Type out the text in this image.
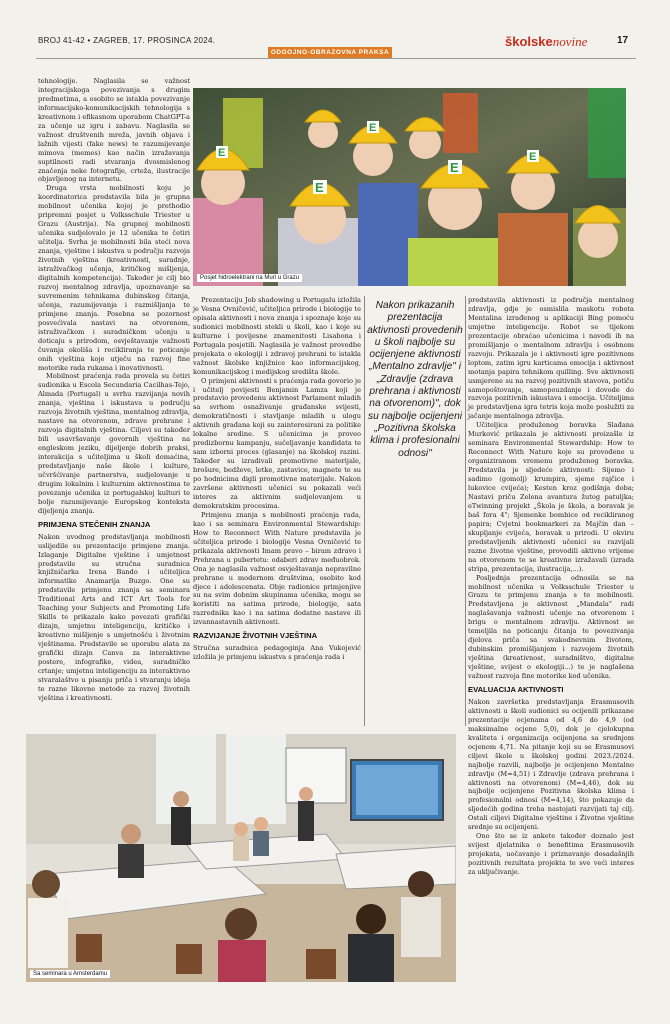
BROJ 41-42 • ZAGREB, 17. PROSINCA 2024.
ODGOJNO-OBRAZOVNA PRAKSA
školskenovine	17

tehnologije. Naglasila se važnost integracijskoga povezivanja s drugim predmetima, a osobito se istakla povezivanje informacijsko-komunikacijskih tehnologija s kreativnom i efikasnom uporabom ChatGPT-a za učenje uz igru i zabavu. Naglasila se važnost društvenih mreža, javnih objava i lažnih vijesti (fake news) te razumijevanje mimova (memes) kao način izražavanja suptilnosti radi stvaranja dvosmislenog značenja neke fotografije, crteža, ilustracije objavljenog na internetu.

Druga vrsta mobilnosti koju je koordinatorica predstavila bila je grupna mobilnost učenika kojoj je prethodio pripremni posjet u Volksschule Triester u Grazu (Austrija). Na grupnoj mobilnosti učenika sudjelovalo je 12 učenika te četiri učitelja. Svrha je mobilnosti bila steći nova znanja, vještine i iskustva u području razvoja životnih vještina (kreativnosti, suradnje, istraživačkog učenja, kritičkog mišljenja, digitalnih kompetencija). Također je cilj bio razvoj mentalnog zdravlja, upoznavanje sa suvremenim tehnikama dubinskog čitanja, učenja, razumijevanja i razmišljanja te primjene znanja. Posebna se pozornost posvećivala nastavi na otvorenom, istraživačkom i suradničkom učenju u doticaju s prirodom, osvještavanje važnosti čuvanja okoliša i recikliranja te poticanje onih vještina koje utječu na razvoj fine motorike rada rukama i inovativnosti.

Mobilnost praćenja rada provela su četiri sudionika u Escola Secundaria Cacilhas-Tejo, Almada (Portugal) u svrhu razvijanja novih znanja, vještina i iskustava u području razvoja životnih vještina, mentalnog zdravlja, nastave na otvorenom, zdrave prehrane i razvoja digitalnih vještina. Ciljevi su također bili usavršavanje govornih vještina na engleskom jeziku, dijeljenje dobrih praksi, interakcija s učiteljima u školi domaćina, predstavljanje naše škole i kulture, učvršćivanje partnerstva, sudjelovanje u drugim lokalnim i kulturnim aktivnostima te povezanje učenika iz portugalskoj kulturi te bolje razumijevanje Europskog konteksta dijeljenja znanja.

PRIMJENA STEČENIH ZNANJA

Nakon uvodnog predstavljanja mobilnosti uslijedile su prezentacije primjene znanja. Izlaganje Digitalne vještine i umjetnost predstavile su stručna suradnica knjižničarka Irena Bando i učiteljica informatike Anamarija Buzgo. One su predstavile primjenu znanja sa seminara Traditional Arts and ICT Art Tools for Teaching your Subjects and Promoting Life Skills te prikazale kako povezati grafički dizajn, umjetnu inteligenciju, kritičko i kreativno mišljenje s umjetnošću i životnim vještinama. Predstavile se uporabu alata za grafički dizajn Canva za interaktivne postere, infografike, videa, suradničko crtanje; umjetnu inteligenciju za interaktivno stvaralaštvo u pisanju priča i stvaranju ideja te razne likovne metode za razvoj životnih vještina i kreativnosti.

E
E
E
E
E
Posjet hidroelektrani na Muri u Grazu

Prezentaciju Job shadowing u Portugalu izložila je Vesna Ovničević, učiteljica prirode i biologije te opisala aktivnosti i nova znanja i spoznaje koje su sudionici mobilnosti stekli u školi, kao i koje su kulturne i povijesne znamenitosti Lisabona i Portugala posjetili. Naglasila je važnost provedbe projekata o ekologiji i zdravoj prehrani te istakla važnost školske knjižnice kao informacijskog, komunikacijskog i medijskog središta škole.

O primjeni aktivnosti s praćenja rada govorio je i učitelj povijesti Benjamin Lamza koji je predstavio provedenu aktivnost Parlament mladih sa svrhom osnaživanje građanske svijesti, demokratičnosti i stavljanje mladih u ulogu aktivnih građana koji su zainteresirani za politike lokalne sredine. S učenicima je proveo predizbornu kampanju, sučeljavanje kandidata te sam izborni proces (glasanje) na školskoj razini. Također su izradivali promotivne materijale, brošure, bedževe, letke, zastavice, magnete te su po hodnicima digli promotivne materijale. Nakon završene aktivnosti učenici su pokazali veći interes za aktivnim sudjelovanjem u demokratskim procesima.

Primjenu znanja s mobilnosti praćenja rada, kao i sa seminara Environmental Stewardship: How to Reconnect With Nature predstavila je učiteljica prirode i biologije Vesna Ovničević te prikazala aktivnosti Imam pravo – biram zdravo i Prehrana u pubertetu: odaberi zdrav međuobrok. Ona je naglasila važnost osvještavanja nepravilne prehrane u modernom društvima, osobito kod djece i adolescenata. Obje radionice primjenjive su na svim dobnim skupinama učenika, mogu se koristiti na satima prirode, biologije, sata razrednika kao i na satima dodatne nastave ili izvannastavnih aktivnosti.

RAZVIJANJE ŽIVOTNIH VJEŠTINA

Stručna suradnica pedagoginja Ana Vukojević izložila je primjenu iskustva s praćenja rada i

Nakon prikazanih prezentacija aktivnosti provedenih u školi najbolje su ocijenjene aktivnosti „Mentalno zdravlje" i „Zdravlje (zdrava prehrana i aktivnosti na otvorenom)", dok su najbolje ocijenjeni „Pozitivna školska klima i profesionalni odnosi"

predstavila aktivnosti iz područja mentalnog zdravlja, gdje je osmislila maskotu robota Mentalina izrađenog u aplikaciji Bing pomoću umjetne inteligencije. Robot se tijekom prezentacije obraćao učenicima i navodi ih na promišljanje o mentalnom zdravlju i osobnom razvoju. Prikazala je i aktivnosti igre pozitivnom loptom, zatim igru karticama emocija i aktivnost motanja papira tehnikom quilling. Sve aktivnosti usmjerene su na razvoj pozitivnih stavova, potiču samopoštovanje, samopouzdanje i dovode do razvoja pozitivnih iskustava i emocija. Učiteljima je predstavljena igra tetris koja može poslužiti za jačanje mentalnoga zdravlja.

Učiteljica produženog boravka Slađana Murković prikazala je aktivnosti proizašle iz seminara Environmental Stewardship: How to Reconnect With Nature koje su provođene u organiziranom vremenu produženog boravka. Predstavila je sljedeće aktivnosti: Sijemo i sadimo (gomolj) krumpira, sjeme rajčice i lukovice cvijeća); Kesten kroz godišnja doba; Nastavi priču Zelena avantura žutog patuljka; eTwinning projekt „Škola je škola, a boravak je baš fora 4"; Sjemenke bombice od recikliranog papira; Cvjetni bookmarkeri za Majčin dan – skupljanje cvijeća, boravak u prirodi. U okviru predstavljenih aktivnosti učenici su razvijali razne životne vještine, provodili aktivno vrijeme na otvorenom te se kreativno izražavali (izrada stripa, prezentacija, ilustracija,...).

Posljednja prezentacija odnosila se na mobilnost učenika u Volksschule Triester u Grazu te primjenu znanja s te mobilnosti. Predstavljena je aktivnost „Mandala" radi naglašavanja važnosti učenje na otvorenom i brigu o mentalnom zdravlju. Aktivnost se temeljila na poticanju čitanja te povezivanja djelova priča sa svakodnevnim životom, dubinskim promišljanjem i razvojem životnih vještina (kreativnost, suradništvo, digitalne vještine, svijest o ekologiji...) te je naglašena važnost razvoja fine motorike kod učenika.

EVALUACIJA AKTIVNOSTI

Nakon završetka predstavljanja Erasmusovih aktivnosti u školi sudionici su ocijenili prikazane prezentacije ocjenama od 4,6 do 4,9 (od maksimalne ocjene 5,0), dok je cjelokupna kvaliteta i organizacija ocijenjena sa srednjom ocjenom 4,71. Na pitanje koji su se Erasmusovi ciljevi škole u školskoj godini 2023./2024. najbolje razvili, najbolje je ocijenjeno Mentalno zdravlje (M=4,51) i Zdravlje (zdrava prehrana i aktivnosti na otvorenom) (M=4,46), dok su najbolje ocijenjene Pozitivna školska klima i profesionalni odnosi (M=4,14), što pokazuje da sljedećih godina treba nastojati razvijati taj cilj. Ostali ciljevi Digitalne vještine i Životne vještine srednje su ocijenjeni.

Ono što se iz ankete također doznalo jest svijest djelatnika o benefitima Erasmusovih projekata, uočavanje i priznavanje dosadašnjih pozitivnih rezultata projekta te sve veći interes za uključivanje.

Sa seminara u Amsterdamu
